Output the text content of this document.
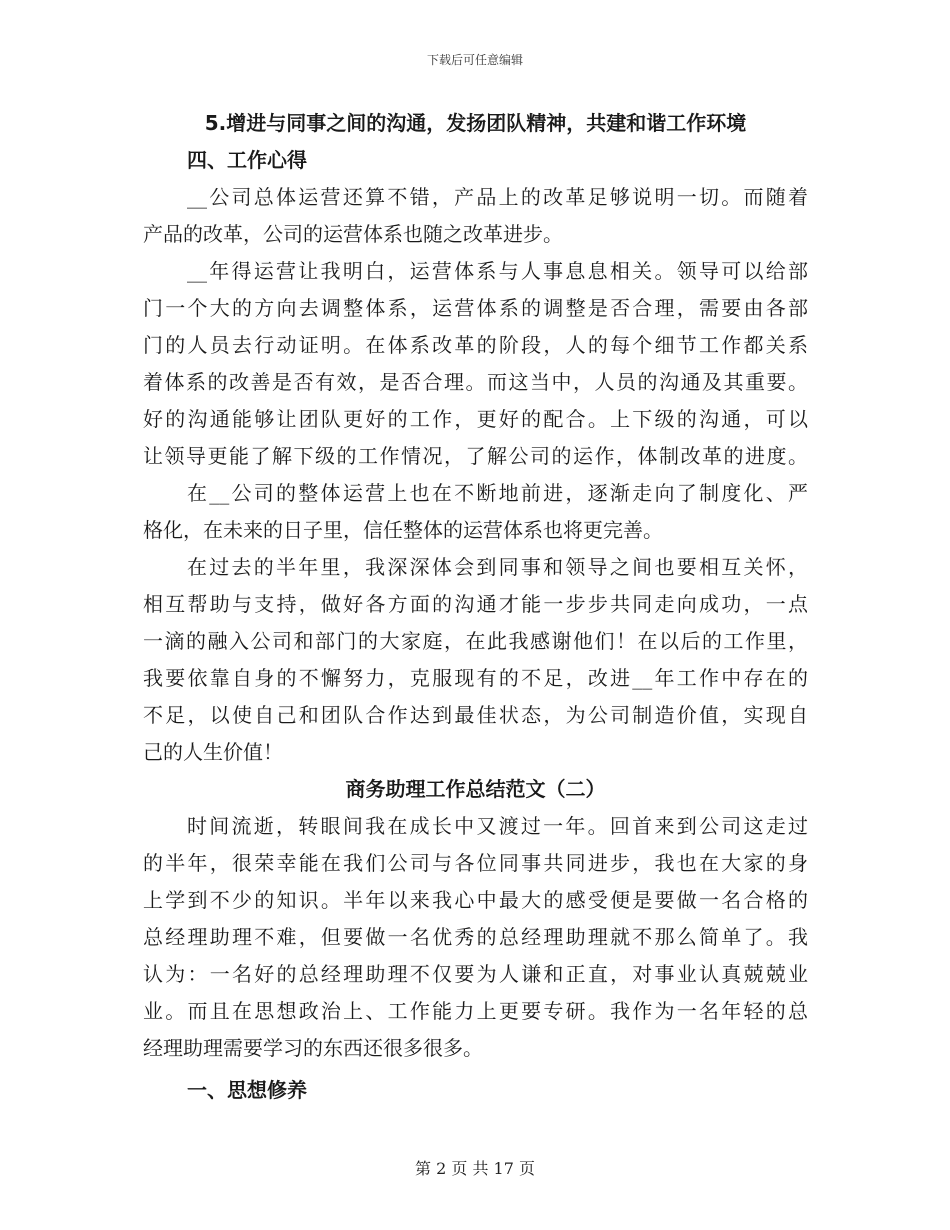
下载后可任意编辑
5.增进与同事之间的沟通，发扬团队精神，共建和谐工作环境
四、工作心得
__公司总体运营还算不错，产品上的改革足够说明一切。而随着
产品的改革，公司的运营体系也随之改革进步。
__年得运营让我明白，运营体系与人事息息相关。领导可以给部
门一个大的方向去调整体系，运营体系的调整是否合理，需要由各部
门的人员去行动证明。在体系改革的阶段，人的每个细节工作都关系
着体系的改善是否有效，是否合理。而这当中，人员的沟通及其重要。
好的沟通能够让团队更好的工作，更好的配合。上下级的沟通，可以
让领导更能了解下级的工作情况，了解公司的运作，体制改革的进度。
在__公司的整体运营上也在不断地前进，逐渐走向了制度化、严
格化，在未来的日子里，信任整体的运营体系也将更完善。
在过去的半年里，我深深体会到同事和领导之间也要相互关怀，
相互帮助与支持，做好各方面的沟通才能一步步共同走向成功，一点
一滴的融入公司和部门的大家庭，在此我感谢他们！在以后的工作里，
我要依靠自身的不懈努力，克服现有的不足，改进__年工作中存在的
不足，以使自己和团队合作达到最佳状态，为公司制造价值，实现自
己的人生价值！
商务助理工作总结范文（二）
时间流逝，转眼间我在成长中又渡过一年。回首来到公司这走过
的半年，很荣幸能在我们公司与各位同事共同进步，我也在大家的身
上学到不少的知识。半年以来我心中最大的感受便是要做一名合格的
总经理助理不难，但要做一名优秀的总经理助理就不那么简单了。我
认为：一名好的总经理助理不仅要为人谦和正直，对事业认真兢兢业
业。而且在思想政治上、工作能力上更要专研。我作为一名年轻的总
经理助理需要学习的东西还很多很多。
一、思想修养
第 2 页 共 17 页
